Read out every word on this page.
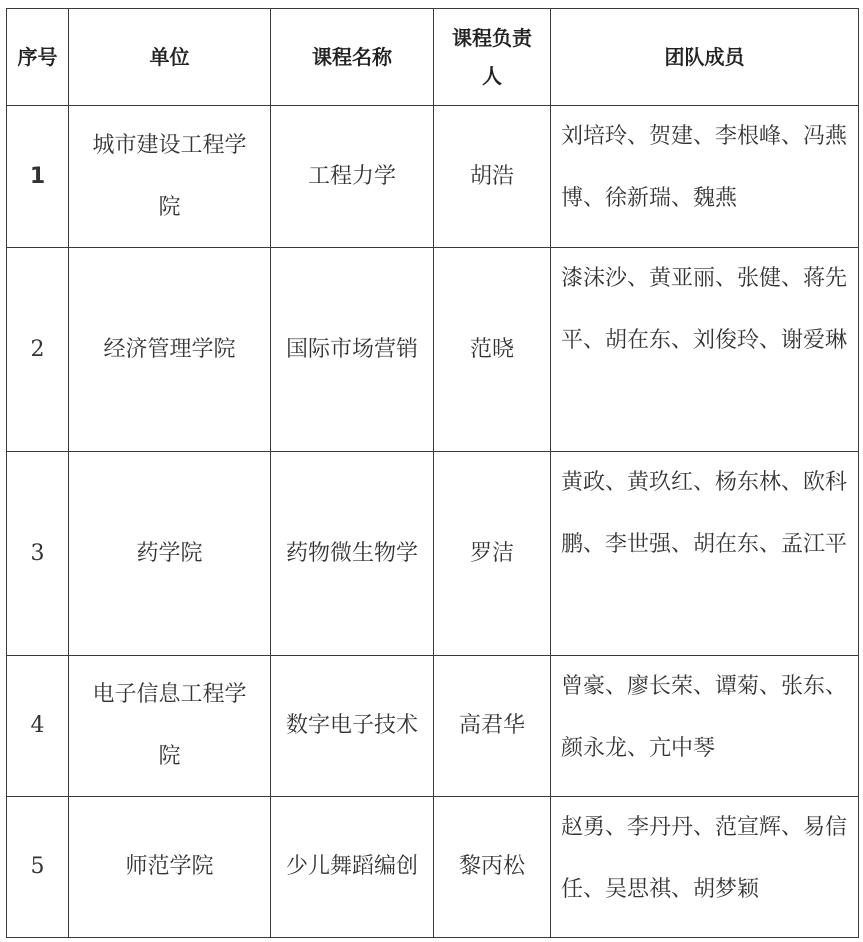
序号	单位	课程名称	课程负责人	团队成员
1	城市建设工程学院	工程力学	胡浩	刘培玲、贺建、李根峰、冯燕博、徐新瑞、魏燕
2	经济管理学院	国际市场营销	范晓	漆沫沙、黄亚丽、张健、蒋先平、胡在东、刘俊玲、谢爱琳
3	药学院	药物微生物学	罗洁	黄政、黄玖红、杨东林、欧科鹏、李世强、胡在东、孟江平
4	电子信息工程学院	数字电子技术	高君华	曾豪、廖长荣、谭菊、张东、颜永龙、亢中琴
5	师范学院	少儿舞蹈编创	黎丙松	赵勇、李丹丹、范宣辉、易信任、吴思祺、胡梦颖
